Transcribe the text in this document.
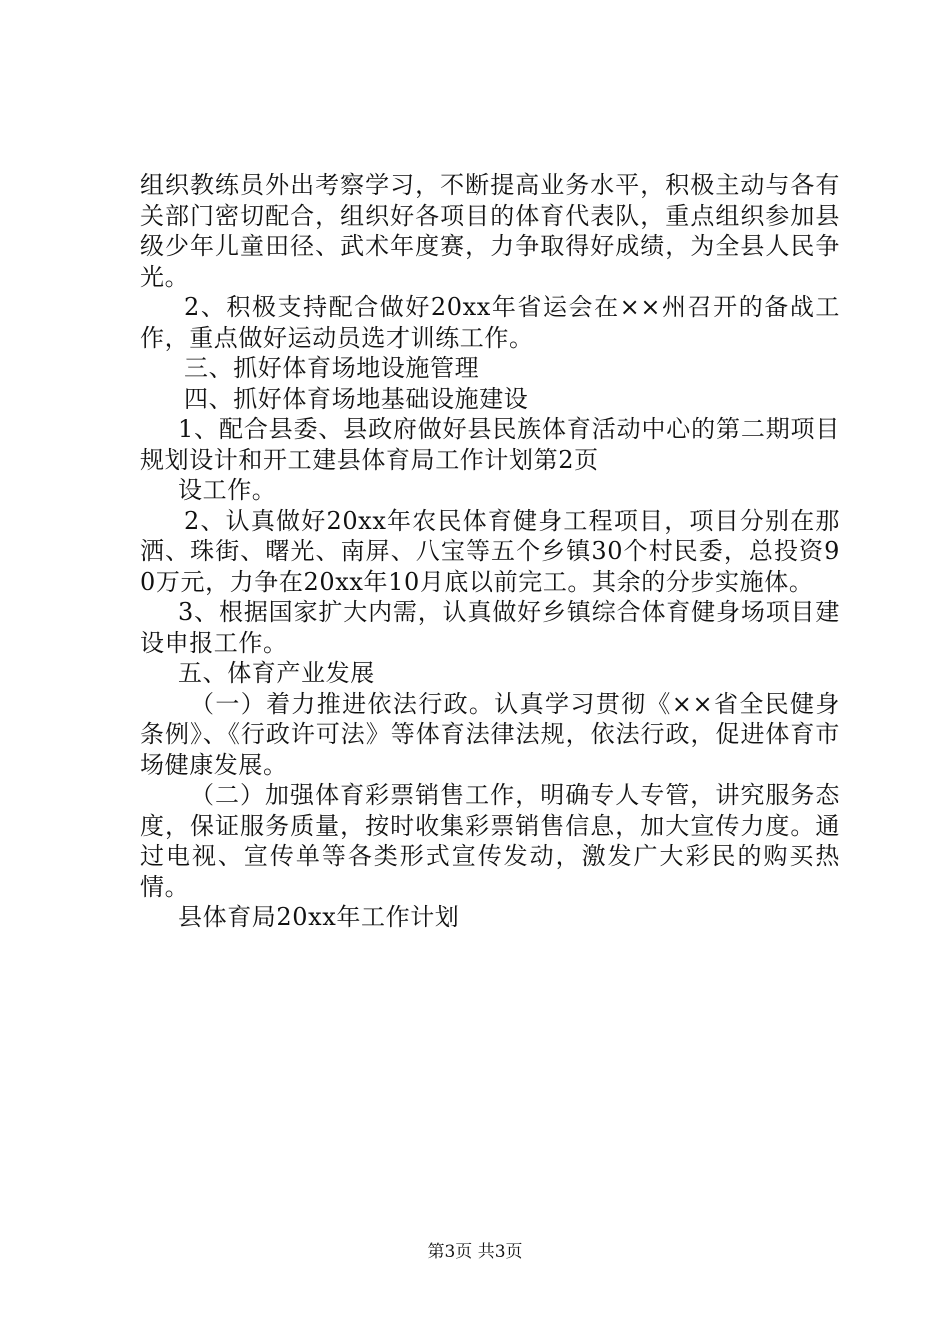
组织教练员外出考察学习，不断提高业务水平，积极主动与各有关部门密切配合，组织好各项目的体育代表队，重点组织参加县级少年儿童田径、武术年度赛，力争取得好成绩，为全县人民争光。

2、积极支持配合做好20xx年省运会在××州召开的备战工作，重点做好运动员选才训练工作。

三、抓好体育场地设施管理

四、抓好体育场地基础设施建设

1、配合县委、县政府做好县民族体育活动中心的第二期项目规划设计和开工建县体育局工作计划第2页

设工作。

2、认真做好20xx年农民体育健身工程项目，项目分别在那洒、珠街、曙光、南屏、八宝等五个乡镇30个村民委，总投资90万元，力争在20xx年10月底以前完工。其余的分步实施体。

3、根据国家扩大内需，认真做好乡镇综合体育健身场项目建设申报工作。

五、体育产业发展

（一）着力推进依法行政。认真学习贯彻《××省全民健身条例》、《行政许可法》等体育法律法规，依法行政，促进体育市场健康发展。

（二）加强体育彩票销售工作，明确专人专管，讲究服务态度，保证服务质量，按时收集彩票销售信息，加大宣传力度。通过电视、宣传单等各类形式宣传发动，激发广大彩民的购买热情。

县体育局20xx年工作计划

第3页 共3页
